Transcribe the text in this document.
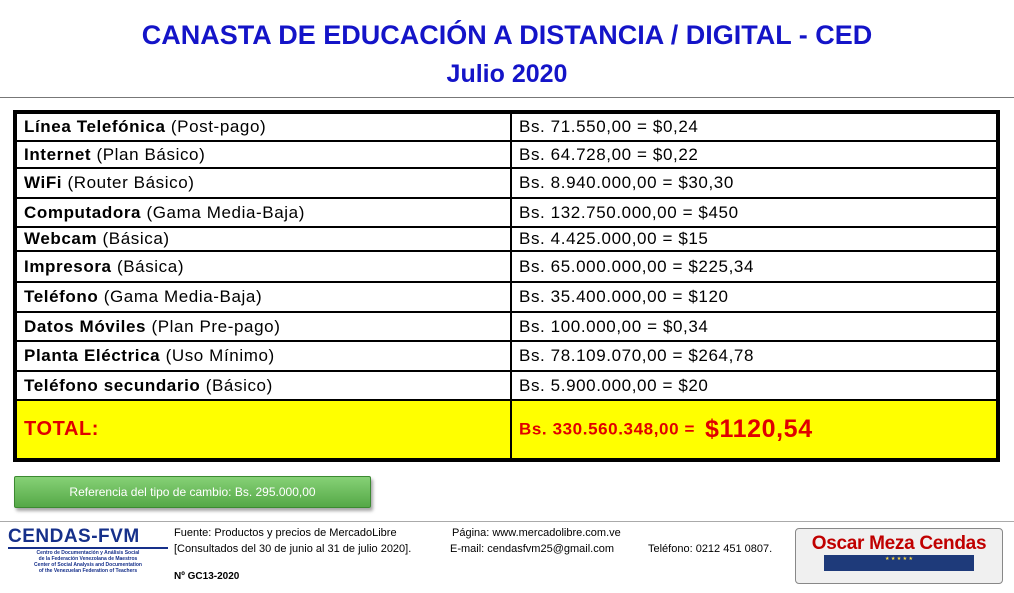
CANASTA DE EDUCACIÓN A DISTANCIA / DIGITAL - CED
Julio 2020
Línea Telefónica (Post-pago)	Bs. 71.550,00 = $0,24
Internet (Plan Básico)	Bs. 64.728,00 = $0,22
WiFi (Router Básico)	Bs. 8.940.000,00 = $30,30
Computadora (Gama Media-Baja)	Bs. 132.750.000,00 = $450
Webcam (Básica)	Bs. 4.425.000,00 = $15
Impresora (Básica)	Bs. 65.000.000,00 = $225,34
Teléfono (Gama Media-Baja)	Bs. 35.400.000,00 = $120
Datos Móviles (Plan Pre-pago)	Bs. 100.000,00 = $0,34
Planta Eléctrica (Uso Mínimo)	Bs. 78.109.070,00 = $264,78
Teléfono secundario (Básico)	Bs. 5.900.000,00 = $20
TOTAL:	Bs. 330.560.348,00 = $1120,54
Referencia del tipo de cambio: Bs. 295.000,00
CENDAS-FVM
Centro de Documentación y Análisis Social
de la Federación Venezolana de Maestros
Center of Social Analysis and Documentation
of the Venezuelan Federation of Teachers
Fuente: Productos y precios de MercadoLibre
[Consultados del 30 de junio al 31 de julio 2020].
Página: www.mercadolibre.com.ve
E-mail: cendasfvm25@gmail.com	Teléfono: 0212 451 0807.
Nº GC13-2020
Oscar Meza Cendas
★ ★ ★ ★ ★
